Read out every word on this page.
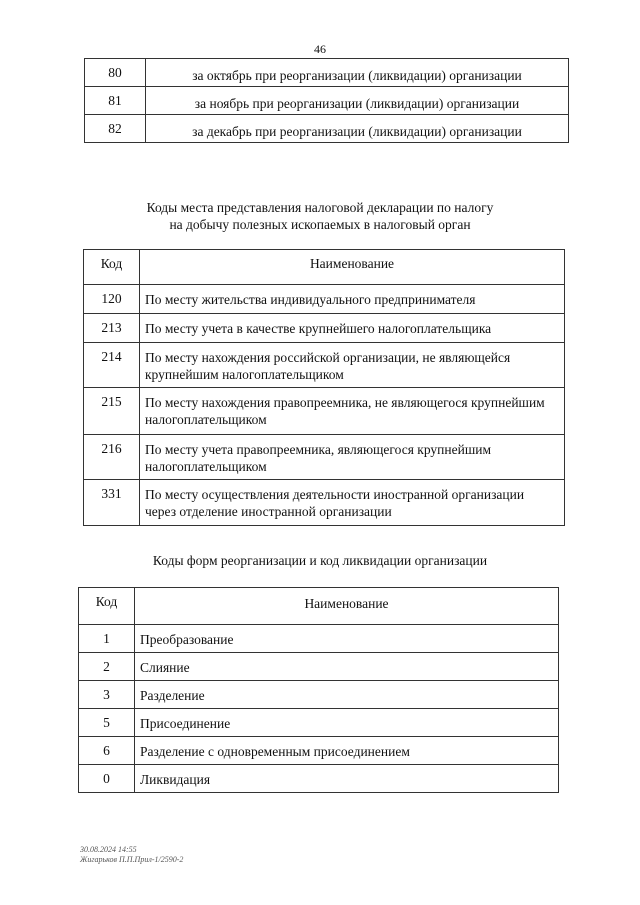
46
80	за октябрь при реорганизации (ликвидации) организации
81	за ноябрь при реорганизации (ликвидации) организации
82	за декабрь при реорганизации (ликвидации) организации
Коды места представления налоговой декларации по налогу
на добычу полезных ископаемых в налоговый орган
Код	Наименование
120	По месту жительства индивидуального предпринимателя
213	По месту учета в качестве крупнейшего налогоплательщика
214	По месту нахождения российской организации, не являющейся крупнейшим налогоплательщиком
215	По месту нахождения правопреемника, не являющегося крупнейшим налогоплательщиком
216	По месту учета правопреемника, являющегося крупнейшим налогоплательщиком
331	По месту осуществления деятельности иностранной организации через отделение иностранной организации
Коды форм реорганизации и код ликвидации организации
Код	Наименование
1	Преобразование
2	Слияние
3	Разделение
5	Присоединение
6	Разделение с одновременным присоединением
0	Ликвидация
30.08.2024 14:55
Жигарьков П.П.Прил-1/2590-2
